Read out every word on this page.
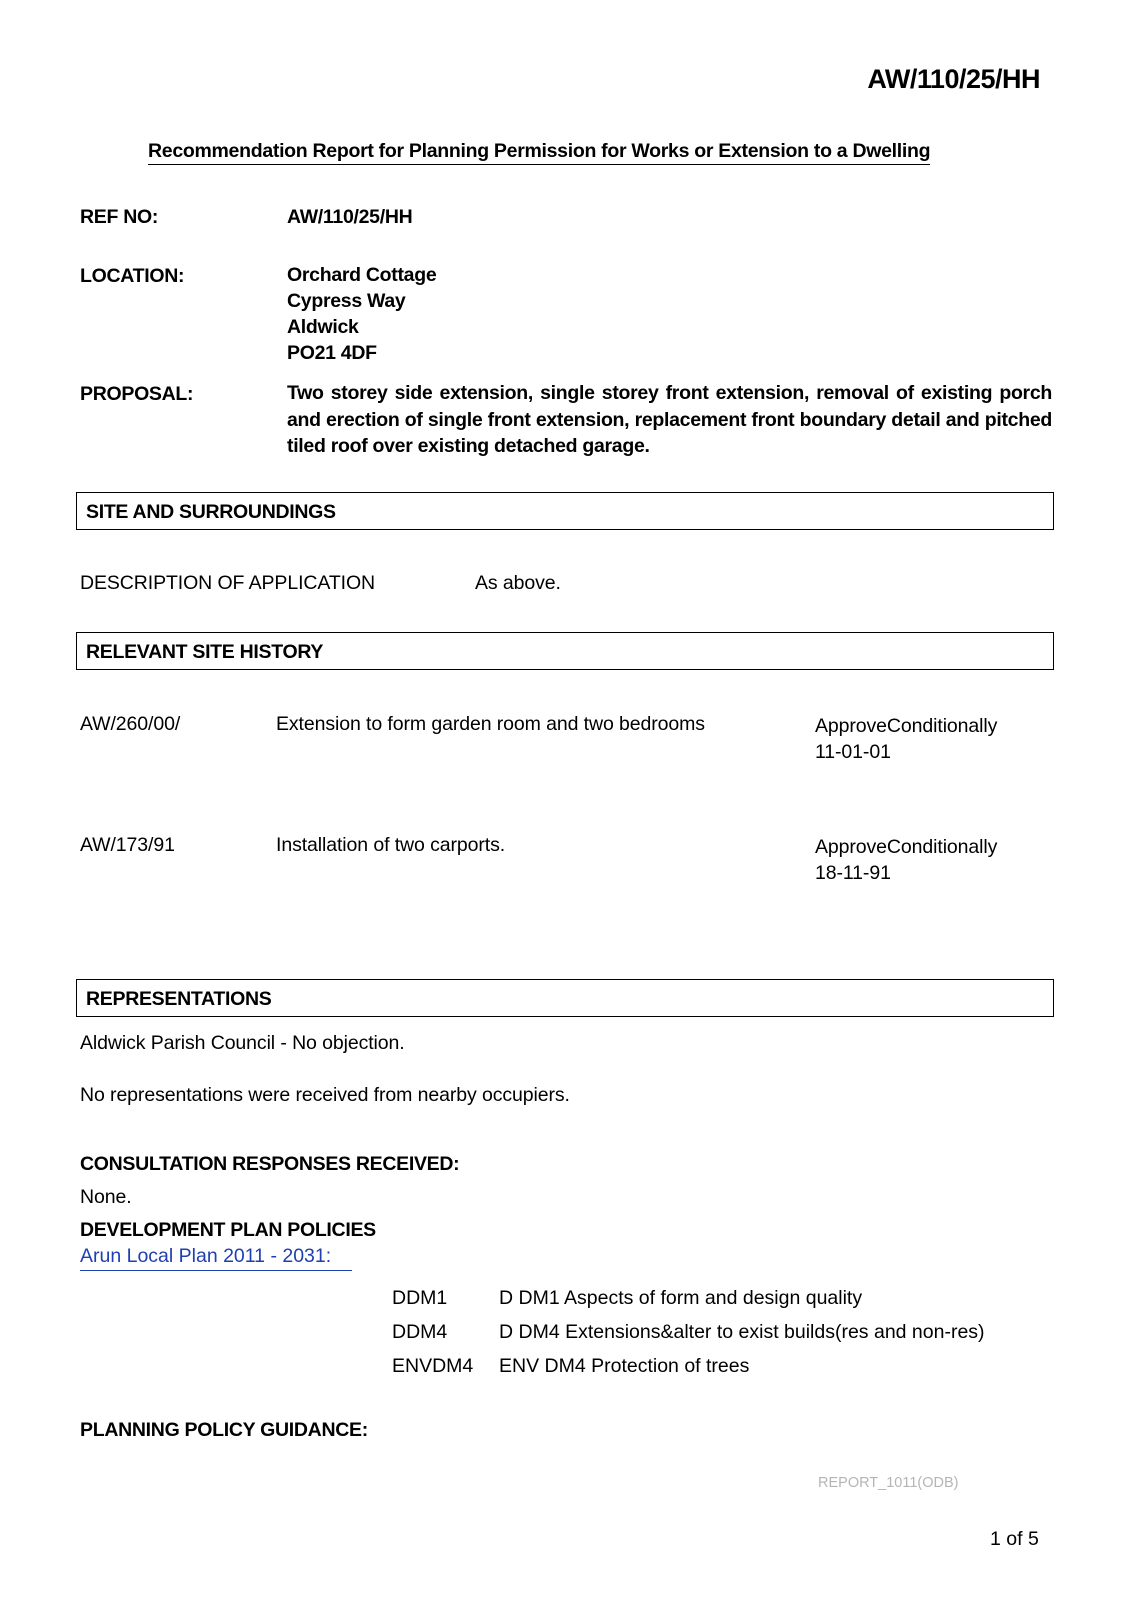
AW/110/25/HH
Recommendation Report for Planning Permission for Works or Extension to a Dwelling
REF NO:	AW/110/25/HH
LOCATION:	Orchard Cottage
Cypress Way
Aldwick
PO21 4DF
PROPOSAL:	Two storey side extension, single storey front extension, removal of existing porch and erection of single front extension, replacement front boundary detail and pitched tiled roof over existing detached garage.
SITE AND SURROUNDINGS
DESCRIPTION OF APPLICATION	As above.
RELEVANT SITE HISTORY
AW/260/00/	Extension to form garden room and two bedrooms	ApproveConditionally
11-01-01
AW/173/91	Installation of two carports.	ApproveConditionally
18-11-91
REPRESENTATIONS
Aldwick Parish Council - No objection.
No representations were received from nearby occupiers.
CONSULTATION RESPONSES RECEIVED:
None.
DEVELOPMENT PLAN POLICIES
Arun Local Plan 2011 - 2031:
DDM1	D DM1 Aspects of form and design quality
DDM4	D DM4 Extensions&alter to exist builds(res and non-res)
ENVDM4 ENV DM4 Protection of trees
PLANNING POLICY GUIDANCE:
REPORT_1011(ODB)
1 of 5
